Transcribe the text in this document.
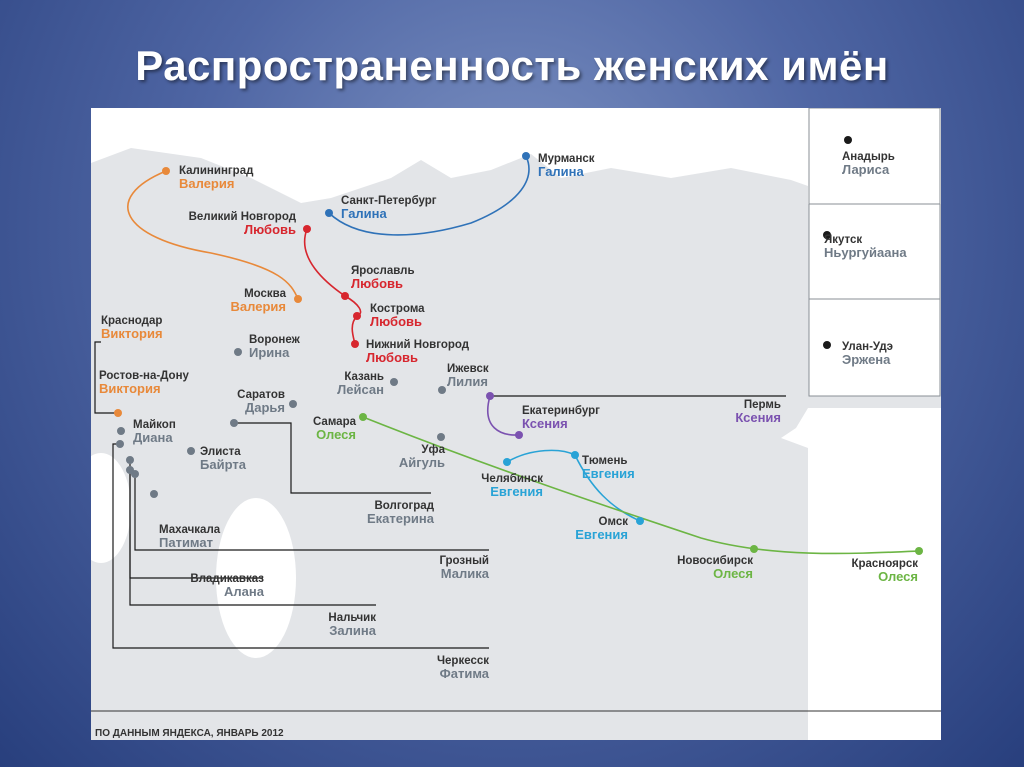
Распространенность женских имён
Калининград
Валерия
Великий Новгород
Любовь
Санкт-Петербург
Галина
Мурманск
Галина
Ярославль
Любовь
Москва
Валерия	Кострома
Любовь
Нижний Новгород
Любовь
Краснодар
Виктория	Воронеж
Ирина
Ижевск
Лилия
Казань
Лейсан
Ростов-на-Дону
Виктория	Саратов
Дарья	Пермь
Ксения
Майкоп
Диана
Самара
Олеся
Екатеринбург
Ксения
Элиста
Байрта
Уфа
Айгуль	Тюмень
Евгения
Челябинск
Евгения
Волгоград
Екатерина
Махачкала
Патимат
Омск
Евгения
Грозный
Малика
Новосибирск
Олеся
Красноярск
Олеся
Владикавказ
Алана
Нальчик
Залина
Черкесск
Фатима
Анадырь
Лариса
Якутск
Ньургуйаана
Улан-Удэ
Эржена
ПО ДАННЫМ ЯНДЕКСА, ЯНВАРЬ 2012
